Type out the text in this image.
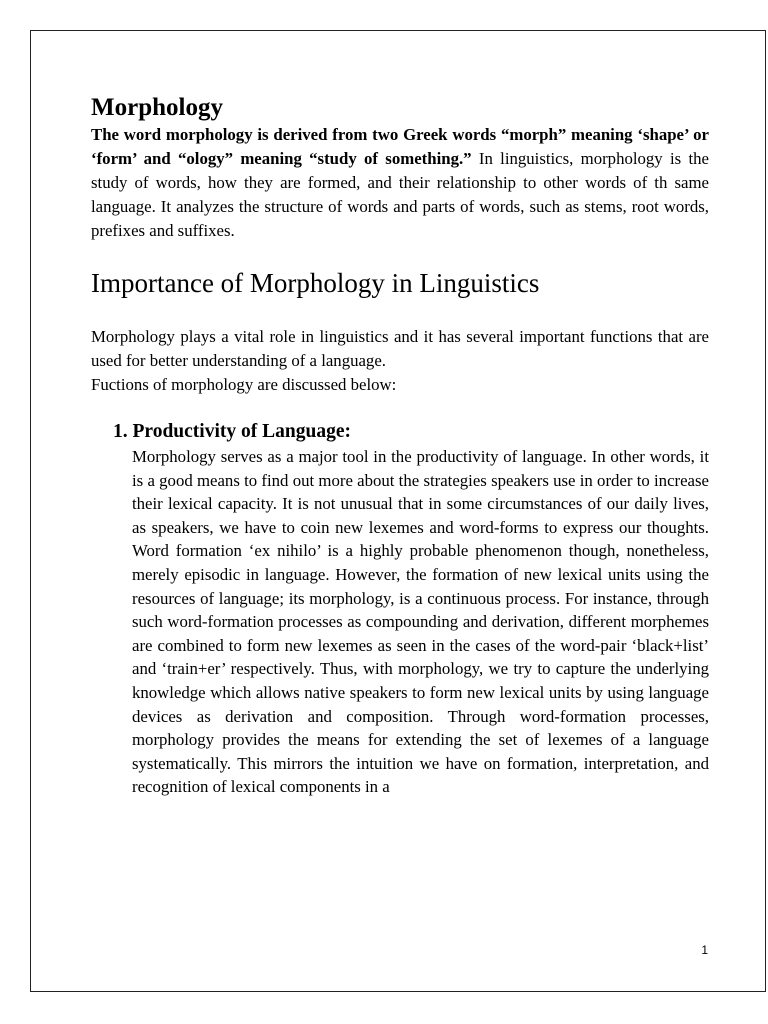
Morphology

The word morphology is derived from two Greek words “morph” meaning ‘shape’ or ‘form’ and “ology” meaning “study of something.” In linguistics, morphology is the study of words, how they are formed, and their relationship to other words of th same language. It analyzes the structure of words and parts of words, such as stems, root words, prefixes and suffixes.

Importance of Morphology in Linguistics

Morphology plays a vital role in linguistics and it has several important functions that are used for better understanding of a language.

Fuctions of morphology are discussed below:

1. Productivity of Language:
Morphology serves as a major tool in the productivity of language. In other words, it is a good means to find out more about the strategies speakers use in order to increase their lexical capacity. It is not unusual that in some circumstances of our daily lives, as speakers, we have to coin new lexemes and word-forms to express our thoughts. Word formation ‘ex nihilo’ is a highly probable phenomenon though, nonetheless, merely episodic in language. However, the formation of new lexical units using the resources of language; its morphology, is a continuous process. For instance, through such word-formation processes as compounding and derivation, different morphemes are combined to form new lexemes as seen in the cases of the word-pair ‘black+list’ and ‘train+er’ respectively. Thus, with morphology, we try to capture the underlying knowledge which allows native speakers to form new lexical units by using language devices as derivation and composition. Through word-formation processes, morphology provides the means for extending the set of lexemes of a language systematically. This mirrors the intuition we have on formation, interpretation, and recognition of lexical components in a
1
